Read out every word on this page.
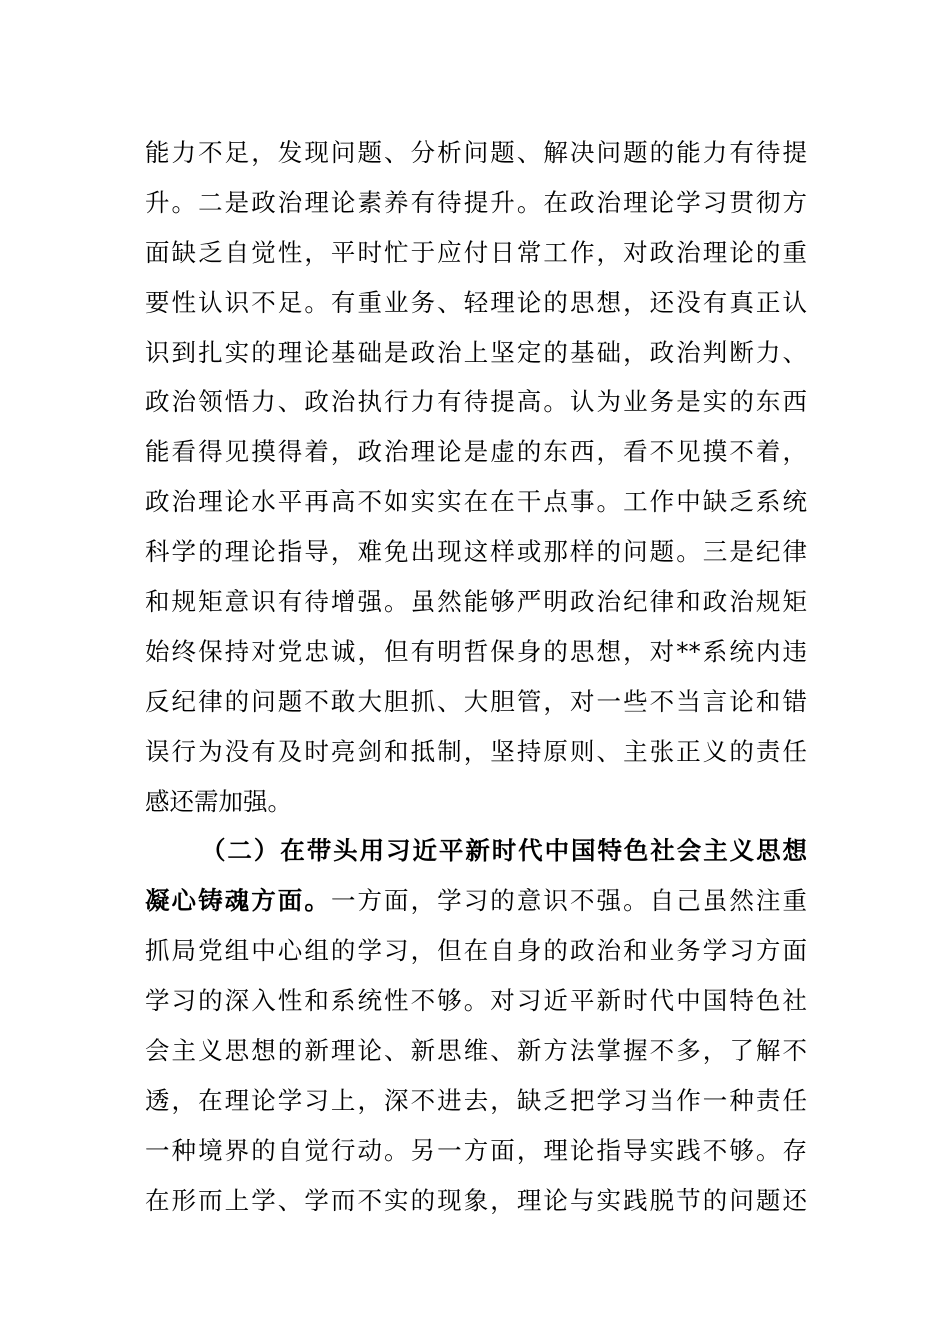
能力不足，发现问题、分析问题、解决问题的能力有待提
升。二是政治理论素养有待提升。在政治理论学习贯彻方
面缺乏自觉性，平时忙于应付日常工作，对政治理论的重
要性认识不足。有重业务、轻理论的思想，还没有真正认
识到扎实的理论基础是政治上坚定的基础，政治判断力、
政治领悟力、政治执行力有待提高。认为业务是实的东西
能看得见摸得着，政治理论是虚的东西，看不见摸不着，
政治理论水平再高不如实实在在干点事。工作中缺乏系统
科学的理论指导，难免出现这样或那样的问题。三是纪律
和规矩意识有待增强。虽然能够严明政治纪律和政治规矩
始终保持对党忠诚，但有明哲保身的思想，对**系统内违
反纪律的问题不敢大胆抓、大胆管，对一些不当言论和错
误行为没有及时亮剑和抵制，坚持原则、主张正义的责任
感还需加强。
（二）在带头用习近平新时代中国特色社会主义思想
凝心铸魂方面。一方面，学习的意识不强。自己虽然注重
抓局党组中心组的学习，但在自身的政治和业务学习方面
学习的深入性和系统性不够。对习近平新时代中国特色社
会主义思想的新理论、新思维、新方法掌握不多，了解不
透，在理论学习上，深不进去，缺乏把学习当作一种责任
一种境界的自觉行动。另一方面，理论指导实践不够。存
在形而上学、学而不实的现象，理论与实践脱节的问题还
